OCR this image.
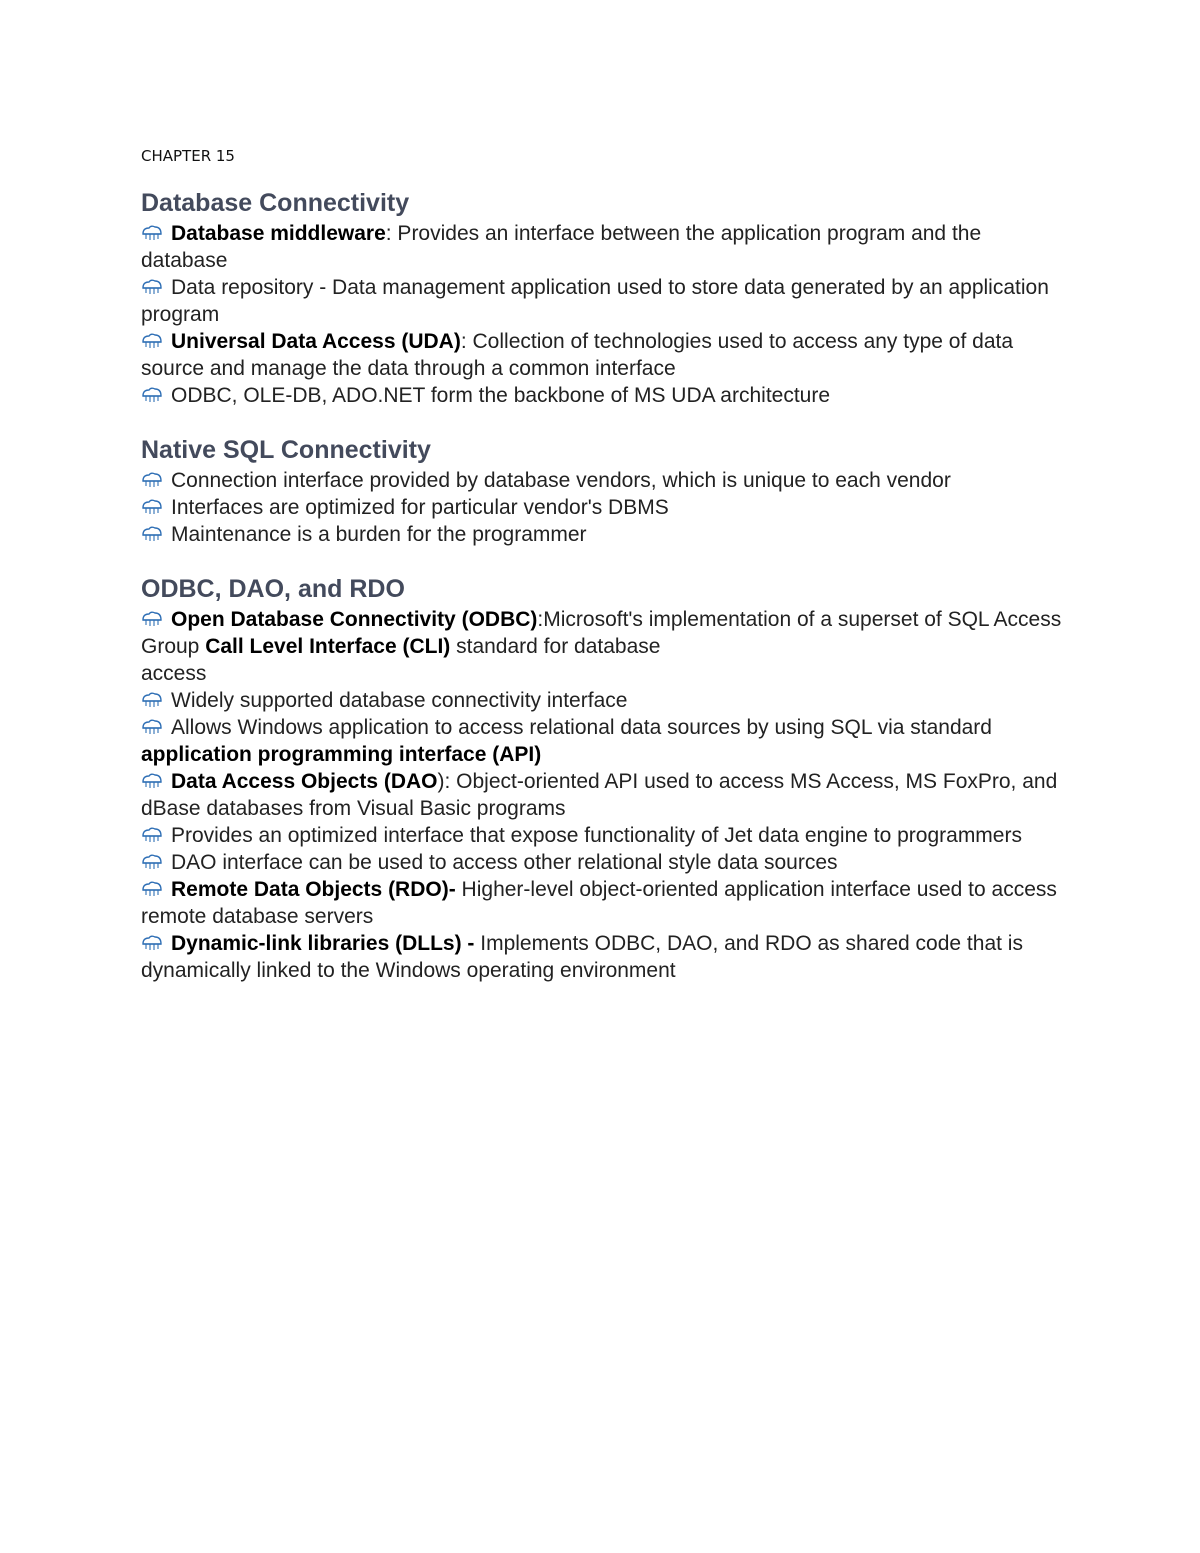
CHAPTER 15
Database Connectivity

Database middleware: Provides an interface between the application program and the database

Data repository - Data management application used to store data generated by an application program

Universal Data Access (UDA): Collection of technologies used to access any type of data source and manage the data through a common interface

ODBC, OLE-DB, ADO.NET form the backbone of MS UDA architecture

Native SQL Connectivity

Connection interface provided by database vendors, which is unique to each vendor

Interfaces are optimized for particular vendor's DBMS

Maintenance is a burden for the programmer

ODBC, DAO, and RDO

Open Database Connectivity (ODBC):Microsoft's implementation of a superset of SQL Access Group Call Level Interface (CLI) standard for database
access

Widely supported database connectivity interface

Allows Windows application to access relational data sources by using SQL via standard application programming interface (API)

Data Access Objects (DAO): Object-oriented API used to access MS Access, MS FoxPro, and dBase databases from Visual Basic programs

Provides an optimized interface that expose functionality of Jet data engine to programmers

DAO interface can be used to access other relational style data sources

Remote Data Objects (RDO)- Higher-level object-oriented application interface used to access remote database servers

Dynamic-link libraries (DLLs) - Implements ODBC, DAO, and RDO as shared code that is dynamically linked to the Windows operating environment
